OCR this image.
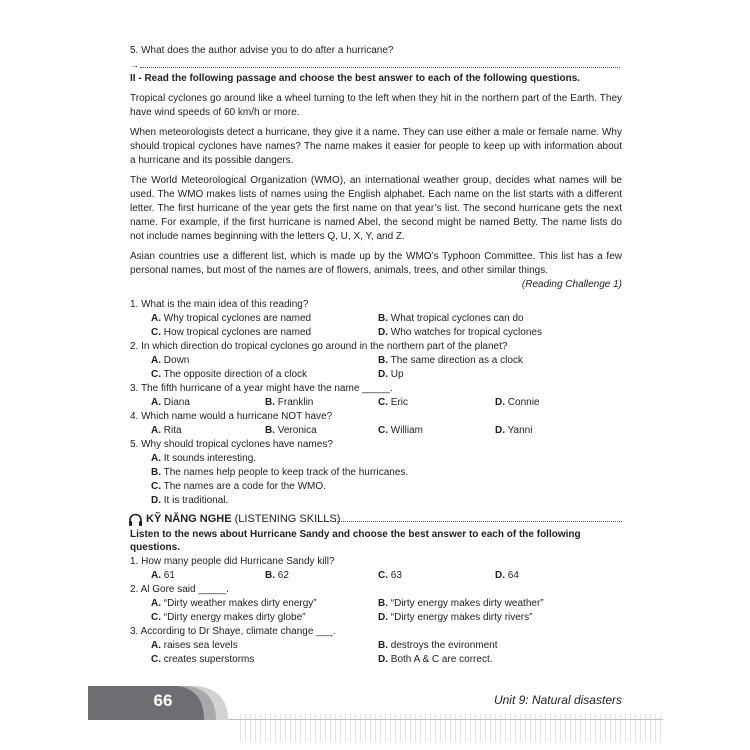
5. What does the author advise you to do after a hurricane?
→
II - Read the following passage and choose the best answer to each of the following questions.
Tropical cyclones go around like a wheel turning to the left when they hit in the northern part of the Earth. They have wind speeds of 60 km/h or more.
When meteorologists detect a hurricane, they give it a name. They can use either a male or female name. Why should tropical cyclones have names? The name makes it easier for people to keep up with information about a hurricane and its possible dangers.
The World Meteorological Organization (WMO), an international weather group, decides what names will be used. The WMO makes lists of names using the English alphabet. Each name on the list starts with a different letter. The first hurricane of the year gets the first name on that year’s list. The second hurricane gets the next name. For example, if the first hurricane is named Abel, the second might be named Betty. The name lists do not include names beginning with the letters Q, U, X, Y, and Z.
Asian countries use a different list, which is made up by the WMO’s Typhoon Committee. This list has a few personal names, but most of the names are of flowers, animals, trees, and other similar things.
(Reading Challenge 1)
1. What is the main idea of this reading?
A. Why tropical cyclones are named	B. What tropical cyclones can do
C. How tropical cyclones are named	D. Who watches for tropical cyclones
2. In which direction do tropical cyclones go around in the northern part of the planet?
A. Down	B. The same direction as a clock
C. The opposite direction of a clock	D. Up
3. The fifth hurricane of a year might have the name _____.
A. Diana	B. Franklin	C. Eric	D. Connie
4. Which name would a hurricane NOT have?
A. Rita	B. Veronica	C. William	D. Yanni
5. Why should tropical cyclones have names?
A. It sounds interesting.
B. The names help people to keep track of the hurricanes.
C. The names are a code for the WMO.
D. It is traditional.
KỸ NĂNG NGHE (LISTENING SKILLS)
Listen to the news about Hurricane Sandy and choose the best answer to each of the following
questions.
1. How many people did Hurricane Sandy kill?
A. 61	B. 62	C. 63	D. 64
2. Al Gore said _____.
A. “Dirty weather makes dirty energy”	B. “Dirty energy makes dirty weather”
C. “Dirty energy makes dirty globe”	D. “Dirty energy makes dirty rivers”
3. According to Dr Shaye, climate change ___.
A. raises sea levels	B. destroys the evironment
C. creates superstorms	D. Both A & C are correct.
66	Unit 9: Natural disasters
